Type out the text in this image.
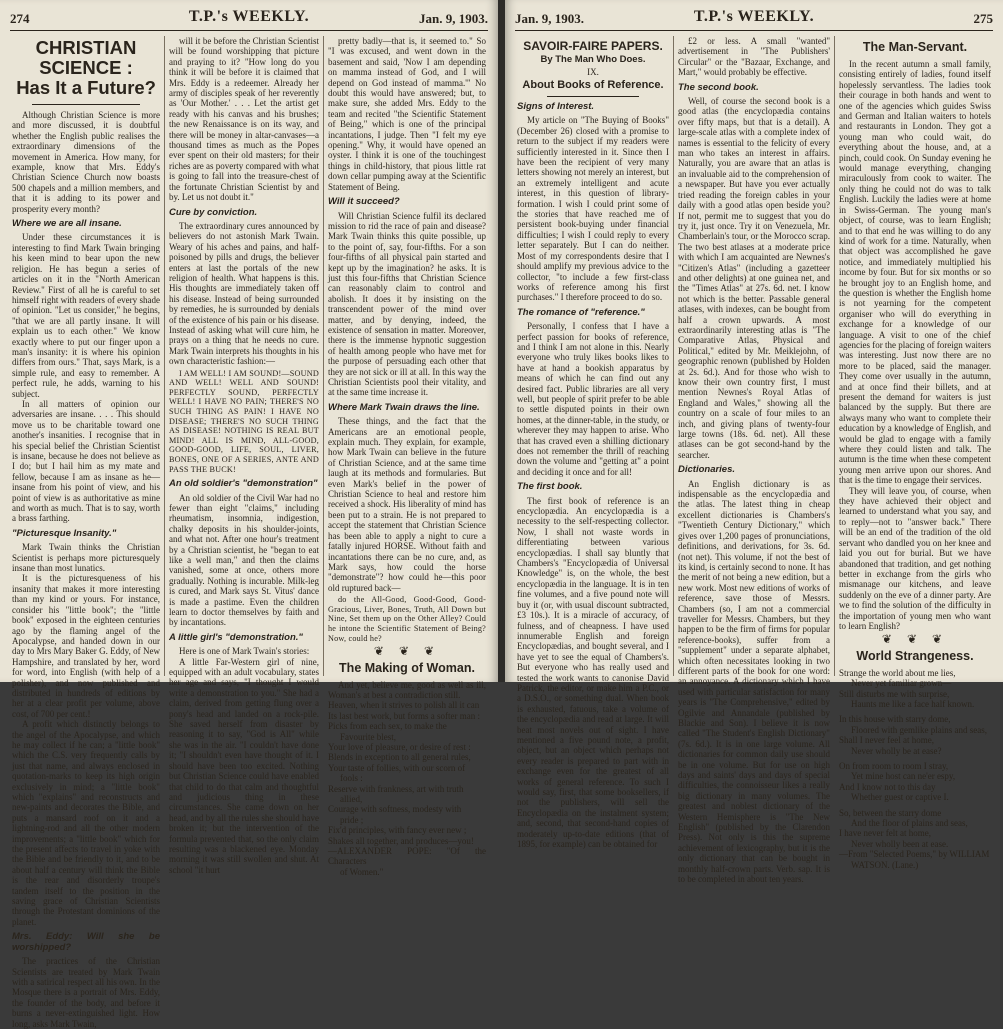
274	T.P.'s WEEKLY.	Jan. 9, 1903.
CHRISTIAN SCIENCE :
Has It a Future?

Although Christian Science is more and more discussed, it is doubtful whether the English public realises the extraordinary dimensions of the movement in America. How many, for example, know that Mrs. Eddy's Christian Science Church now boasts 500 chapels and a million members, and that it is adding to its power and prosperity every month?

Where we are all insane.

Under these circumstances it is interesting to find Mark Twain bringing his keen mind to bear upon the new religion. He has begun a series of articles on it in the "North American Review." First of all he is careful to set himself right with readers of every shade of opinion. "Let us consider," he begins, "that we are all partly insane. It will explain us to each other." We know exactly where to put our finger upon a man's insanity: it is where his opinion differs from ours." That, says Mark, is a simple rule, and easy to remember. A perfect rule, he adds, warning to his subject.

In all matters of opinion our adversaries are insane. . . . This should move us to be charitable toward one another's insanities. I recognise that in his special belief the Christian Scientist is insane, because he does not believe as I do; but I hail him as my mate and fellow, because I am as insane as he—insane from his point of view, and his point of view is as authoritative as mine and worth as much. That is to say, worth a brass farthing.

"Picturesque Insanity."

Mark Twain thinks the Christian Scientist is perhaps more picturesquely insane than most lunatics.

It is the picturesqueness of his insanity that makes it more interesting than my kind or yours. For instance, consider his "little book"; the "little book" exposed in the eighteen centuries ago by the flaming angel of the Apocalypse, and handed down in our day to Mrs Mary Baker G. Eddy, of New Hampshire, and translated by her, word for word, into English (with help of a polisher), and now published and distributed in hundreds of editions by her at a clear profit per volume, above cost, of 700 per cent.!

A profit which distinctly belongs to the angel of the Apocalypse, and which he may collect if he can; a "little book" which the C.S. very frequently calls by just that name, and always enclosed in quotation-marks to keep its high origin exclusively in mind; a "little book" which "explains" and reconstructs and new-paints and decorates the Bible, and puts a mansard roof on it and a lightning-rod and all the other modern improvements; a "little book" which for the present affects to travel in yoke with the Bible and be friendly to it, and to be about half a century will think the Bible is the rear and disorderly troupe's tandem itself to the position in the saving grace of Christian Scientists through the Protestant dominions of the planet.

Mrs. Eddy: Will she be worshipped?

The practices of the Christian Scientists are treated by Mark Twain with a satirical respect all his own. In the Mosque there is a portrait of Mrs. Eddy, the founder of the body, and before it burns a never-extinguished light. How long, asks Mark Twain,

will it be before the Christian Scientist will be found worshipping that picture and praying to it? "How long do you think it will be before it is claimed that Mrs. Eddy is a redeemer. Already her army of disciples speak of her reverently as 'Our Mother.' . . . Let the artist get ready with his canvas and his brushes; the new Renaissance is on its way, and there will be money in altar-canvases—a thousand times as much as the Popes ever spent on their old masters; for their riches are as poverty compared with what is going to fall into the treasure-chest of the fortunate Christian Scientist by and by. Let us not doubt it."

Cure by conviction.

The extraordinary cures announced by believers do not astonish Mark Twain. Weary of his aches and pains, and half-poisoned by pills and drugs, the believer enters at last the portals of the new religion of health. What happens is this. His thoughts are immediately taken off his disease. Instead of being surrounded by remedies, he is surrounded by denials of the existence of his pain or his disease. Instead of asking what will cure him, he prays on a thing that he needs no cure. Mark Twain interprets his thoughts in his own characteristic fashion:—

I AM WELL! I AM SOUND!—SOUND AND WELL! WELL AND SOUND! PERFECTLY SOUND, PERFECTLY WELL! I HAVE NO PAIN; THERE'S NO SUCH THING AS PAIN! I HAVE NO DISEASE; THERE'S NO SUCH THING AS DISEASE! NOTHING IS REAL BUT MIND! ALL IS MIND, ALL-GOOD, GOOD-GOOD, LIFE, SOUL, LIVER, BONES, ONE OF A SERIES, ANTE AND PASS THE BUCK!

An old soldier's "demonstration"

An old soldier of the Civil War had no fewer than eight "claims," including rheumatism, insomnia, indigestion, chalky deposits in his shoulder-joints, and what not. After one hour's treatment by a Christian scientist, he "began to eat like a well man," and then the claims vanished, some at once, others more gradually. Nothing is incurable. Milk-leg is cured, and Mark says St. Vitus' dance is made a pastime. Even the children learn to doctor themselves by faith and by incantations.

A little girl's "demonstration."

Here is one of Mark Twain's stories:

A little Far-Western girl of nine, equipped with an adult vocabulary, states her age and says, "I thought I would write a demonstration to you." She had a claim, derived from getting flung over a pony's head and landed on a rock-pile. She saved herself from disaster by reasoning it to say, "God is All" while she was in the air. "I couldn't have done it; "I shouldn't even have thought of it. I should have been too excited. Nothing but Christian Science could have enabled that child to do that calm and thoughtful and judicious thing in these circumstances. She came down on her head, and by all the rules she should have broken it; but the intervention of the formula prevented that, so the only claim resulting was a blackened eye. Monday morning it was still swollen and shut. At school "it hurt

pretty badly—that is, it seemed to." So "I was excused, and went down in the basement and said, 'Now I am depending on mamma instead of God, and I will depend on God instead of mamma.'" No doubt this would have answered; but, to make sure, she added Mrs. Eddy to the team and recited "the Scientific Statement of Being," which is one of the principal incantations, I judge. Then "I felt my eye opening." Why, it would have opened an oyster. I think it is one of the touchingest things in child-history, that pious little rat down cellar pumping away at the Scientific Statement of Being.

Will it succeed?

Will Christian Science fulfil its declared mission to rid the race of pain and disease? Mark Twain thinks this quite possible, up to the point of, say, four-fifths. For a son four-fifths of all physical pain started and kept up by the imagination? he asks. It is just this four-fifths that Christian Science can reasonably claim to control and abolish. It does it by insisting on the transcendent power of the mind over matter, and by denying, indeed, the existence of sensation in matter. Moreover, there is the immense hypnotic suggestion of health among people who have met for the purpose of persuading each other that they are not sick or ill at all. In this way the Christian Scientists pool their vitality, and at the same time increase it.

Where Mark Twain draws the line.

These things, and the fact that the Americans are an emotional people, explain much. They explain, for example, how Mark Twain can believe in the future of Christian Science, and at the same time laugh at its methods and formularies. But even Mark's belief in the power of Christian Science to heal and restore him received a shock. His liberality of mind has been put to a strain. He is not prepared to accept the statement that Christian Science has been able to apply a night to cure a fatally injured HORSE. Without faith and incantations there can be no cure, and, as Mark says, how could the horse "demonstrate"? how could he—this poor old ruptured back—

do the All-Good, Good-Good, Good-Gracious, Liver, Bones, Truth, All Down but Nine, Set them up on the Other Alley? Could he intone the Scientific Statement of Being? Now, could he?

❦ ❦ ❦
The Making of Woman.

And yet, believe me, good as well as ill, Woman's at best a contradiction still.

Heaven, when it strives to polish all it can
Its last best work, but forms a softer man :
Picks from each sex, to make the
Favourite blest,
Your love of pleasure, or desire of rest :
Blends in exception to all general rules,
Your taste of follies, with our scorn of
fools :
Reserve with frankness, art with truth
allied,
Courage with softness, modesty with
pride ;
Fix'd principles, with fancy ever new ;
Shakes all together, and produces—you!
—ALEXANDER POPE: "Of the Characters
of Women."
Jan. 9, 1903.	T.P.'s WEEKLY.	275
SAVOIR-FAIRE PAPERS.
By The Man Who Does.
IX.
About Books of Reference.
Signs of Interest.

My article on "The Buying of Books" (December 26) closed with a promise to return to the subject if my readers were sufficiently interested in it. Since then I have been the recipient of very many letters showing not merely an interest, but an extremely intelligent and acute interest, in this question of library-formation. I wish I could print some of the stories that have reached me of persistent book-buying under financial difficulties; I wish I could reply to every letter separately. But I can do neither. Most of my correspondents desire that I should amplify my previous advice to the collector, "to include a few first-class works of reference among his first purchases." I therefore proceed to do so.

The romance of "reference."

Personally, I confess that I have a perfect passion for books of reference, and I think I am not alone in this. Nearly everyone who truly likes books likes to have at hand a bookish apparatus by means of which he can find out any desired fact. Public libraries are all very well, but people of spirit prefer to be able to settle disputed points in their own homes, at the dinner-table, in the study, or wherever they may happen to arise. Who that has craved even a shilling dictionary does not remember the thrill of reaching down the volume and "getting at" a point and deciding it once and for all!

The first book.

The first book of reference is an encyclopædia. An encyclopædia is a necessity to the self-respecting collector. Now, I shall not waste words in differentiating between various encyclopædias. I shall say bluntly that Chambers's "Encyclopædia of Universal Knowledge" is, on the whole, the best encyclopædia in the language. It is in ten fine volumes, and a five pound note will buy it (or, with usual discount subtracted, £3 10s.). It is a miracle of accuracy, of fulness, and of cheapness. I have used innumerable English and foreign Encyclopædias, and bought several, and I have yet to see the equal of Chambers's. But everyone who has really used and tested the work wants to canonise David Patrick, the editor, or make him a P.C., or a D.S.O., or something dual. When book is exhausted, fatuous, take a volume of the encyclopædia and read at large. It will beat most novels out of sight. I have mentioned a five pound note, a profit, object, but an object which perhaps not every reader is prepared to part with in exchange even for the greatest of all works of general reference. To such I would say, first, that some booksellers, if not the publishers, will sell the Encyclopædia on the instalment system; and, second, that second-hand copies of moderately up-to-date editions (that of 1895, for example) can be obtained for

£2 or less. A small "wanted" advertisement in "The Publishers' Circular" or the "Bazaar, Exchange, and Mart," would probably be effective.

The second book.

Well, of course the second book is a good atlas (the encyclopædia contains over fifty maps, but that is a detail). A large-scale atlas with a complete index of names is essential to the felicity of every man who takes an interest in affairs. Naturally, you are aware that an atlas is an invaluable aid to the comprehension of a newspaper. But have you ever actually tried reading the foreign cables in your daily with a good atlas open beside you? If not, permit me to suggest that you do try it, just once. Try it on Venezuela, Mr. Chamberlain's tour, or the Morocco scrap. The two best atlases at a moderate price with which I am acquainted are Newnes's "Citizen's Atlas" (including a gazetteer and other delights) at one guinea net, and the "Times Atlas" at 27s. 6d. net. I know not which is the better. Passable general atlases, with indexes, can be bought from half a crown upwards. A most extraordinarily interesting atlas is "The Comparative Atlas, Physical and Political," edited by Mr. Meiklejohn, of geographic renown (published by Holden at 2s. 6d.). And for those who wish to know their own country first, I must mention Newnes's Royal Atlas of England and Wales," showing all the country on a scale of four miles to an inch, and giving plans of twenty-four large towns (18s. 6d. net). All these atlases can be got second-hand by the searcher.

Dictionaries.

An English dictionary is as indispensable as the encyclopædia and the atlas. The latest thing in cheap excellent dictionaries is Chambers's "Twentieth Century Dictionary," which gives over 1,200 pages of pronunciations, definitions, and derivations, for 3s. 6d. (not net). This volume, if not the best of its kind, is certainly second to none. It has the merit of not being a new edition, but a new work. Most new editions of works of reference, save those of Messrs. Chambers (so, I am not a commercial traveller for Messrs. Chambers, but they happen to be the firm of firms for popular reference-books), suffer from a "supplement" under a separate alphabet, which often necessitates looking in two different parts of the book for one word: an annoyance. A dictionary which I have used with particular satisfaction for many years is "The Comprehensive," edited by Ogilvie and Annandale (published by Blackie and Son). I believe it is now called "The Student's English Dictionary" (7s. 6d.). It is in one large volume. All dictionaries for common daily use should be in one volume. But for use on high days and saints' days and days of special difficulties, the connoisseur likes a really big dictionary in many volumes. The greatest and noblest dictionary of the Western Hemisphere is "The New English" (published by the Clarendon Press). Not only is this the supreme achievement of lexicography, but it is the only dictionary that can be bought in monthly half-crown parts. Verb. sap. It is to be completed in about ten years.

The Man-Servant.

In the recent autumn a small family, consisting entirely of ladies, found itself hopelessly servantless. The ladies took their courage in both hands and went to one of the agencies which guides Swiss and German and Italian waiters to hotels and restaurants in London. They got a young man who could wait, do everything about the house, and, at a pinch, could cook. On Sunday evening he would manage everything, changing miraculously from cook to waiter. The only thing he could not do was to talk English. Luckily the ladies were at home in Swiss-German. The young man's object, of course, was to learn English; and to that end he was willing to do any kind of work for a time. Naturally, when that object was accomplished he gave notice, and immediately multiplied his income by four. But for six months or so he brought joy to an English home, and the question is whether the English home is not yearning for the competent organiser who will do everything in exchange for a knowledge of our language. A visit to one of the chief agencies for the placing of foreign waiters was interesting. Just now there are no more to be placed, said the manager. They come over usually in the autumn, and at once find their billets, and at present the demand for waiters is just balanced by the supply. But there are always many who want to complete their education by a knowledge of English, and would be glad to engage with a family where they could listen and talk. The autumn is the time when these competent young men arrive upon our shores. And that is the time to engage their services.

They will leave you, of course, when they have achieved their object and learned to understand what you say, and to reply—not to "answer back." There will be an end of the tradition of the old servant who dandled you on her knee and laid you out for burial. But we have abandoned that tradition, and get nothing better in exchange from the girls who mismanage our kitchens, and leave suddenly on the eve of a dinner party. Are we to find the solution of the difficulty in the importation of young men who want to learn English?

❦ ❦ ❦
World Strangeness.
Strange the world about me lies,
Never yet familiar grown—
Still disturbs me with surprise,
Haunts me like a face half known.
In this house with starry dome,
Floored with gemlike plains and seas,
Shall I never feel at home,
Never wholly be at ease?
On from room to room I stray,
Yet mine host can ne'er espy,
And I know not to this day
Whether guest or captive I.
So, between the starry dome
And the floor of plains and seas,
I have never felt at home,
Never wholly been at ease.
—From "Selected Poems," by WILLIAM
WATSON. (Lane.)
